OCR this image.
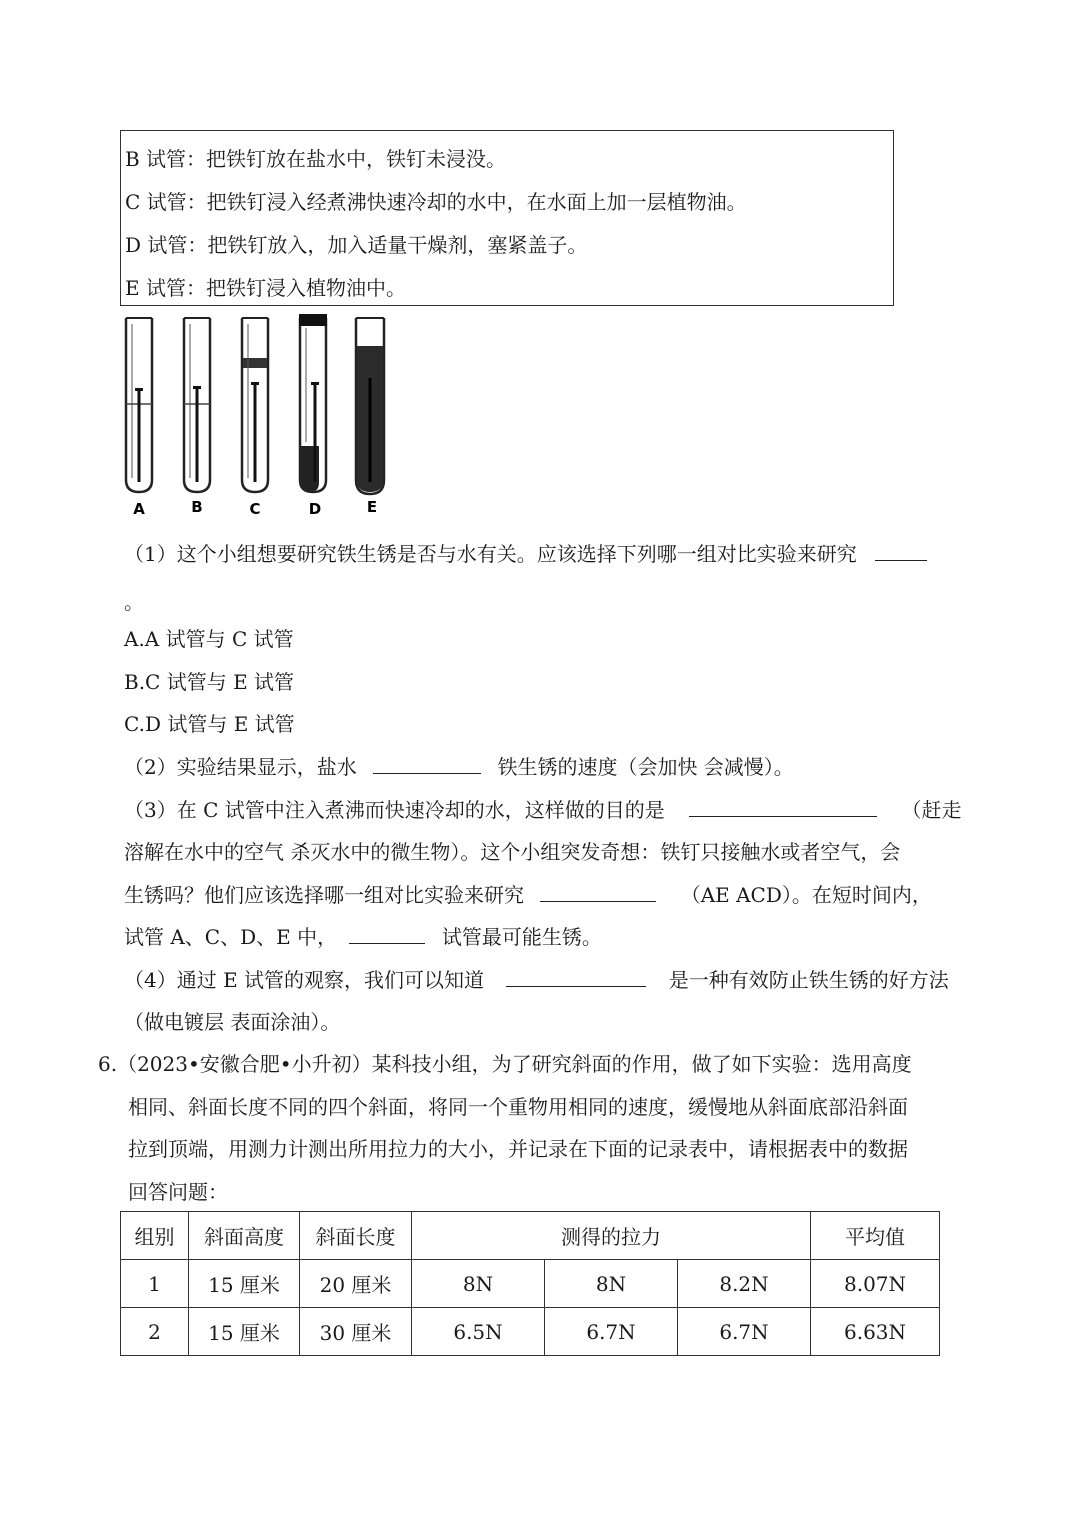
B 试管：把铁钉放在盐水中，铁钉未浸没。
C 试管：把铁钉浸入经煮沸快速冷却的水中，在水面上加一层植物油。
D 试管：把铁钉放入，加入适量干燥剂，塞紧盖子。
E 试管：把铁钉浸入植物油中。
A	B	C	D	E
（1）这个小组想要研究铁生锈是否与水有关。应该选择下列哪一组对比实验来研究
。
A.A 试管与 C 试管
B.C 试管与 E 试管
C.D 试管与 E 试管
（2）实验结果显示，盐水	铁生锈的速度（会加快 会减慢）。
（3）在 C 试管中注入煮沸而快速冷却的水，这样做的目的是	（赶走
溶解在水中的空气 杀灭水中的微生物）。这个小组突发奇想：铁钉只接触水或者空气，会
生锈吗？他们应该选择哪一组对比实验来研究	（AE ACD）。在短时间内，
试管 A、C、D、E 中，	试管最可能生锈。
（4）通过 E 试管的观察，我们可以知道	是一种有效防止铁生锈的好方法
（做电镀层 表面涂油）。
6.（2023•安徽合肥•小升初）某科技小组，为了研究斜面的作用，做了如下实验：选用高度
相同、斜面长度不同的四个斜面，将同一个重物用相同的速度，缓慢地从斜面底部沿斜面
拉到顶端，用测力计测出所用拉力的大小，并记录在下面的记录表中，请根据表中的数据
回答问题：
组别	斜面高度	斜面长度	测得的拉力			平均值
1	15 厘米	20 厘米	8N	8N	8.2N	8.07N
2	15 厘米	30 厘米	6.5N	6.7N	6.7N	6.63N
